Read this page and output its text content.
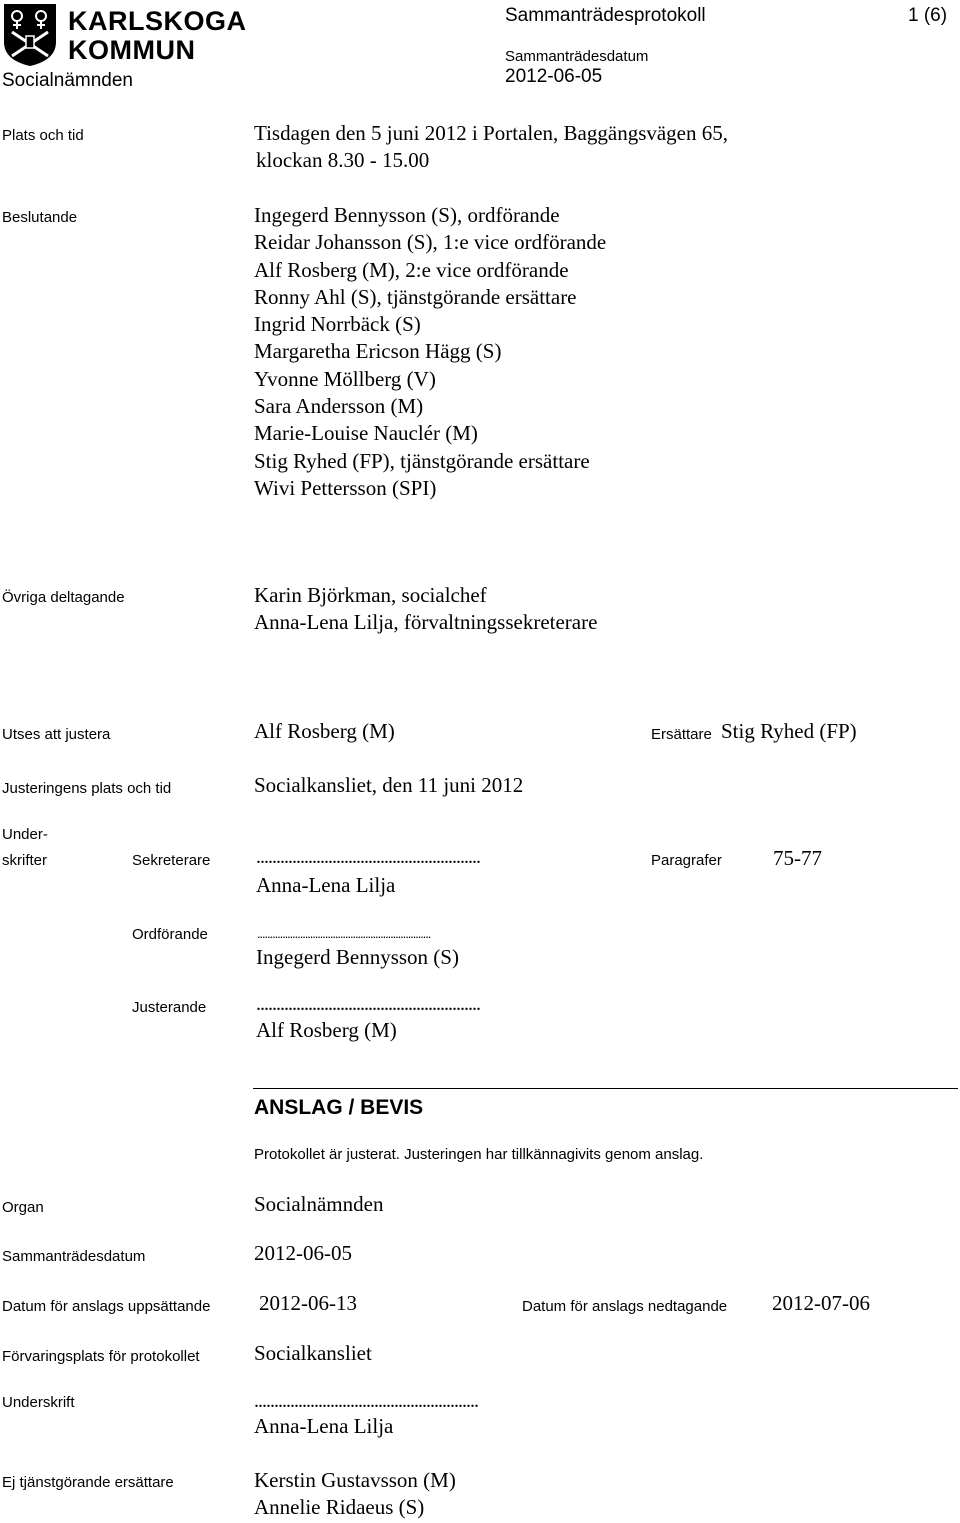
KARLSKOGA
KOMMUN
Socialnämnden
Sammanträdesprotokoll	1 (6)
Sammanträdesdatum
2012-06-05
Plats och tid	Tisdagen den 5 juni 2012 i Portalen, Baggängsvägen 65,
klockan 8.30 - 15.00
Beslutande	Ingegerd Bennysson (S), ordförande
Reidar Johansson (S), 1:e vice ordförande
Alf Rosberg (M), 2:e vice ordförande
Ronny Ahl (S), tjänstgörande ersättare
Ingrid Norrbäck (S)
Margaretha Ericson Hägg (S)
Yvonne Möllberg (V)
Sara Andersson (M)
Marie-Louise Nauclér (M)
Stig Ryhed (FP), tjänstgörande ersättare
Wivi Pettersson (SPI)
Övriga deltagande	Karin Björkman, socialchef
Anna-Lena Lilja, förvaltningssekreterare
Utses att justera	Alf Rosberg (M)	Ersättare Stig Ryhed (FP)
Justeringens plats och tid	Socialkansliet, den 11 juni 2012
Under-
skrifter	Sekreterare ........................................................
Anna-Lena Lilja
Paragrafer 75-77
Ordförande	.....................................................................
Ingegerd Bennysson (S)
Justerande ........................................................
Alf Rosberg (M)
ANSLAG / BEVIS
Protokollet är justerat. Justeringen har tillkännagivits genom anslag.
Organ	Socialnämnden
Sammanträdesdatum	2012-06-05
Datum för anslags uppsättande 2012-06-13	Datum för anslags nedtagande 2012-07-06
Förvaringsplats för protokollet	Socialkansliet
Underskrift	........................................................
Anna-Lena Lilja
Ej tjänstgörande ersättare	Kerstin Gustavsson (M)
Annelie Ridaeus (S)
